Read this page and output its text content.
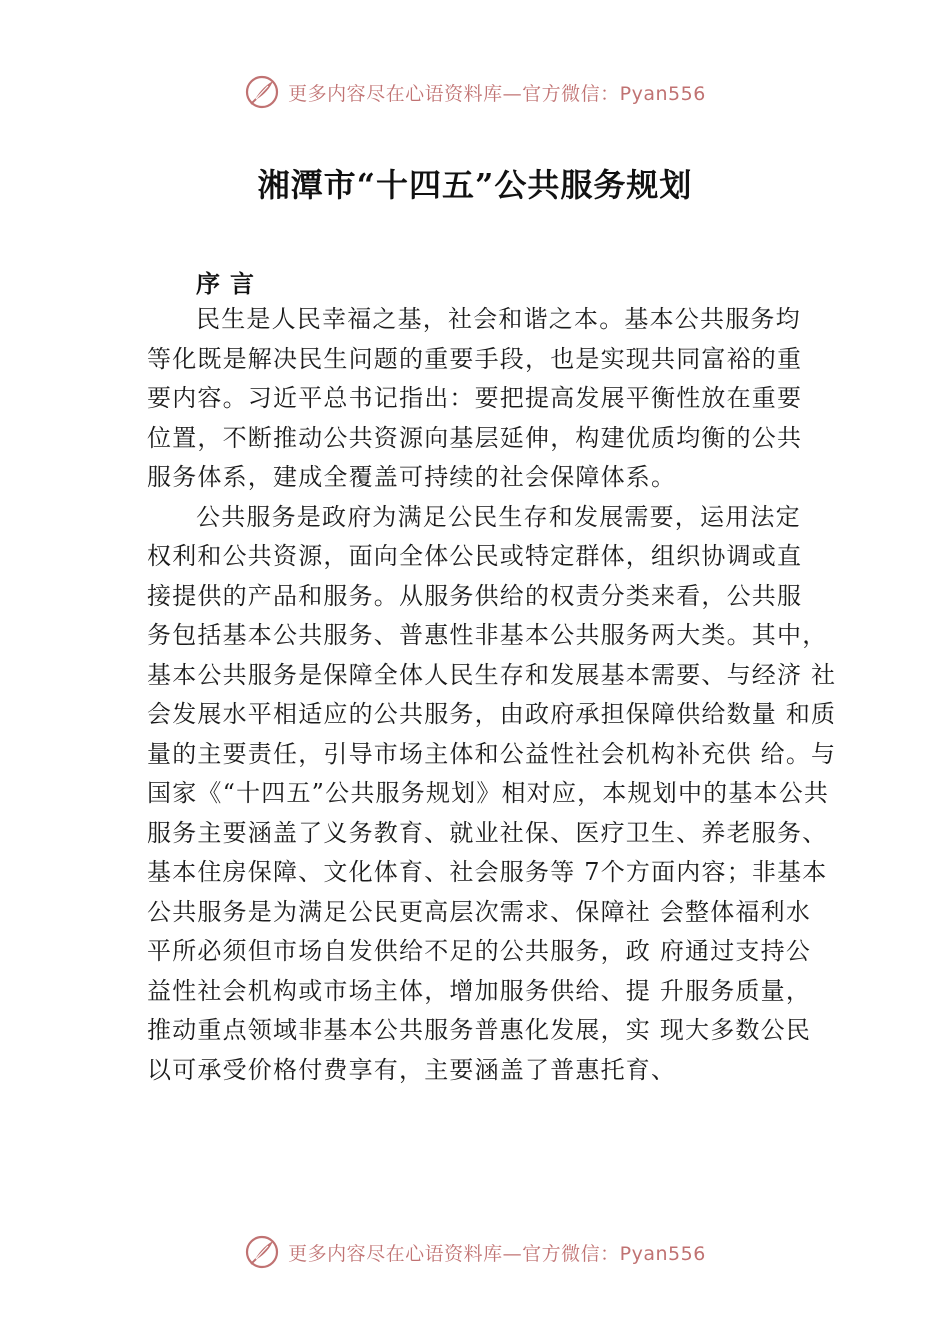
更多内容尽在心语资料库—官方微信：Pyan556
湘潭市“十四五”公共服务规划
序言
民生是人民幸福之基，社会和谐之本。基本公共服务均
等化既是解决民生问题的重要手段，也是实现共同富裕的重
要内容。习近平总书记指出：要把提高发展平衡性放在重要
位置，不断推动公共资源向基层延伸，构建优质均衡的公共
服务体系，建成全覆盖可持续的社会保障体系。
公共服务是政府为满足公民生存和发展需要，运用法定
权利和公共资源，面向全体公民或特定群体，组织协调或直
接提供的产品和服务。从服务供给的权责分类来看，公共服
务包括基本公共服务、普惠性非基本公共服务两大类。其中，
基本公共服务是保障全体人民生存和发展基本需要、与经济 社
会发展水平相适应的公共服务，由政府承担保障供给数量 和质
量的主要责任，引导市场主体和公益性社会机构补充供 给。与
国家《“十四五”公共服务规划》相对应，本规划中的基本公共
服务主要涵盖了义务教育、就业社保、医疗卫生、养老服务、
基本住房保障、文化体育、社会服务等 7个方面内容；非基本
公共服务是为满足公民更高层次需求、保障社 会整体福利水
平所必须但市场自发供给不足的公共服务，政 府通过支持公
益性社会机构或市场主体，增加服务供给、提 升服务质量，
推动重点领域非基本公共服务普惠化发展，实 现大多数公民
以可承受价格付费享有，主要涵盖了普惠托育、
更多内容尽在心语资料库—官方微信：Pyan556
